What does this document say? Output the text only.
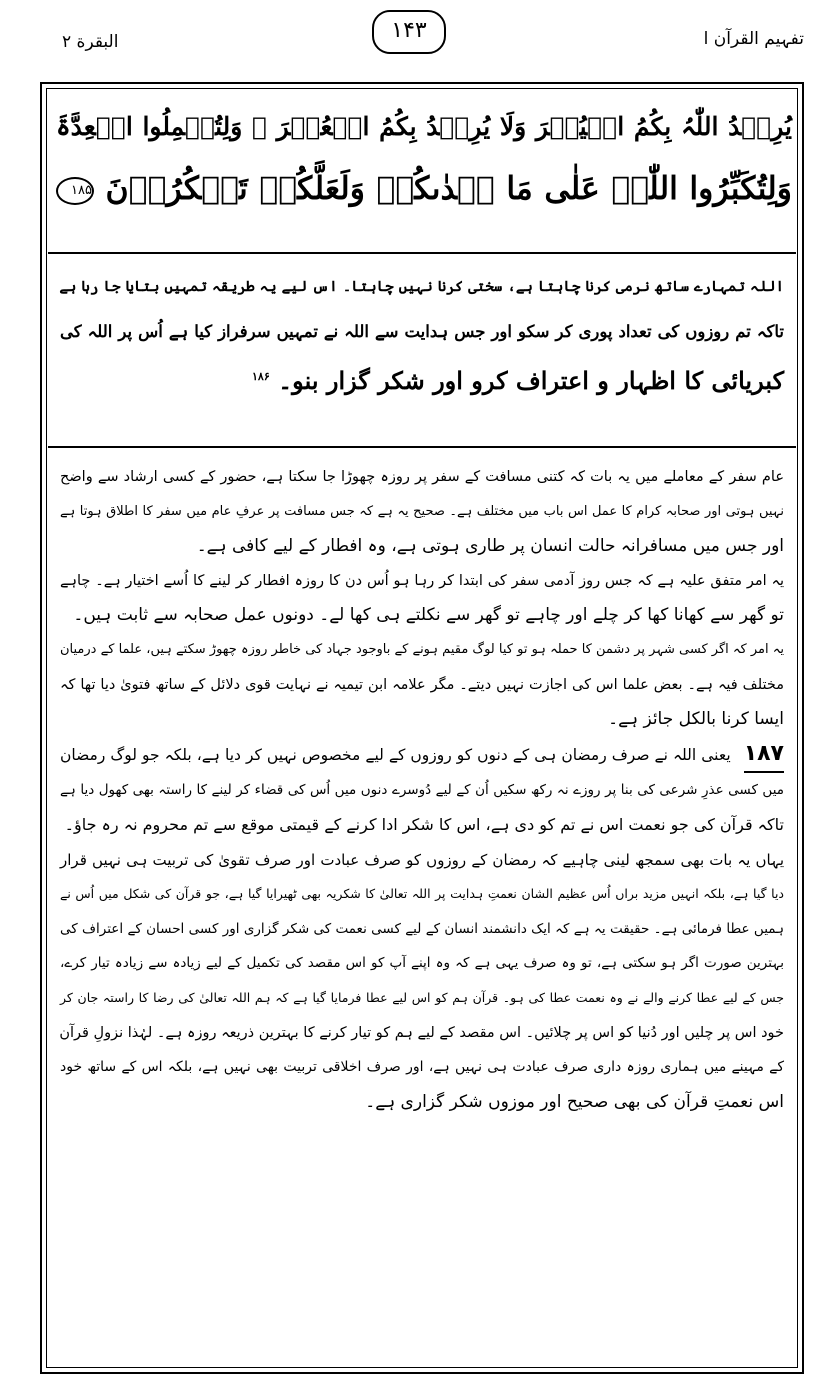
البقرة ۲	۱۴۳	تفہیم القرآن ا
یُرِیۡدُ اللّٰہُ بِکُمُ الۡیُسۡرَ وَلَا یُرِیۡدُ بِکُمُ الۡعُسۡرَ ۫ وَلِتُکۡمِلُوا الۡعِدَّۃَ
وَلِتُکَبِّرُوا اللّٰہَ عَلٰی مَا ہَدٰىکُمۡ وَلَعَلَّکُمۡ تَشۡکُرُوۡنَ ۱۸۵
اللہ تمہارے ساتھ نرمی کرنا چاہتا ہے، سختی کرنا نہیں چاہتا۔ اس لیے یہ طریقہ تمہیں بتایا جا رہا ہے
تاکہ تم روزوں کی تعداد پوری کر سکو اور جس ہدایت سے اللہ نے تمہیں سرفراز کیا ہے اُس پر اللہ کی
کبریائی کا اظہار و اعتراف کرو اور شکر گزار بنو۔ $^{۱۸۶}$
عام سفر کے معاملے میں یہ بات کہ کتنی مسافت کے سفر پر روزہ چھوڑا جا سکتا ہے، حضور کے کسی ارشاد سے واضح
نہیں ہوتی اور صحابہ کرام کا عمل اس باب میں مختلف ہے۔ صحیح یہ ہے کہ جس مسافت پر عرفِ عام میں سفر کا اطلاق ہوتا ہے
اور جس میں مسافرانہ حالت انسان پر طاری ہوتی ہے، وہ افطار کے لیے کافی ہے۔
یہ امر متفق علیہ ہے کہ جس روز آدمی سفر کی ابتدا کر رہا ہو اُس دن کا روزہ افطار کر لینے کا اُسے اختیار ہے۔ چاہے
تو گھر سے کھانا کھا کر چلے اور چاہے تو گھر سے نکلتے ہی کھا لے۔ دونوں عمل صحابہ سے ثابت ہیں۔
یہ امر کہ اگر کسی شہر پر دشمن کا حملہ ہو تو کیا لوگ مقیم ہونے کے باوجود جہاد کی خاطر روزہ چھوڑ سکتے ہیں، علما کے درمیان
مختلف فیہ ہے۔ بعض علما اس کی اجازت نہیں دیتے۔ مگر علامہ ابن تیمیہ نے نہایت قوی دلائل کے ساتھ فتویٰ دیا تھا کہ
ایسا کرنا بالکل جائز ہے۔
۱۸۷ یعنی اللہ نے صرف رمضان ہی کے دنوں کو روزوں کے لیے مخصوص نہیں کر دیا ہے، بلکہ جو لوگ رمضان
میں کسی عذرِ شرعی کی بنا پر روزے نہ رکھ سکیں اُن کے لیے دُوسرے دنوں میں اُس کی قضاء کر لینے کا راستہ بھی کھول دیا ہے
تاکہ قرآن کی جو نعمت اس نے تم کو دی ہے، اس کا شکر ادا کرنے کے قیمتی موقع سے تم محروم نہ رہ جاؤ۔
یہاں یہ بات بھی سمجھ لینی چاہیے کہ رمضان کے روزوں کو صرف عبادت اور صرف تقویٰ کی تربیت ہی نہیں قرار
دیا گیا ہے، بلکہ انہیں مزید براں اُس عظیم الشان نعمتِ ہدایت پر اللہ تعالیٰ کا شکریہ بھی ٹھیرایا گیا ہے، جو قرآن کی شکل میں اُس نے
ہمیں عطا فرمائی ہے۔ حقیقت یہ ہے کہ ایک دانشمند انسان کے لیے کسی نعمت کی شکر گزاری اور کسی احسان کے اعتراف کی
بہترین صورت اگر ہو سکتی ہے، تو وہ صرف یہی ہے کہ وہ اپنے آپ کو اس مقصد کی تکمیل کے لیے زیادہ سے زیادہ تیار کرے،
جس کے لیے عطا کرنے والے نے وہ نعمت عطا کی ہو۔ قرآن ہم کو اس لیے عطا فرمایا گیا ہے کہ ہم اللہ تعالیٰ کی رضا کا راستہ جان کر
خود اس پر چلیں اور دُنیا کو اس پر چلائیں۔ اس مقصد کے لیے ہم کو تیار کرنے کا بہترین ذریعہ روزہ ہے۔ لہٰذا نزولِ قرآن
کے مہینے میں ہماری روزہ داری صرف عبادت ہی نہیں ہے، اور صرف اخلاقی تربیت بھی نہیں ہے، بلکہ اس کے ساتھ خود
اس نعمتِ قرآن کی بھی صحیح اور موزوں شکر گزاری ہے۔
